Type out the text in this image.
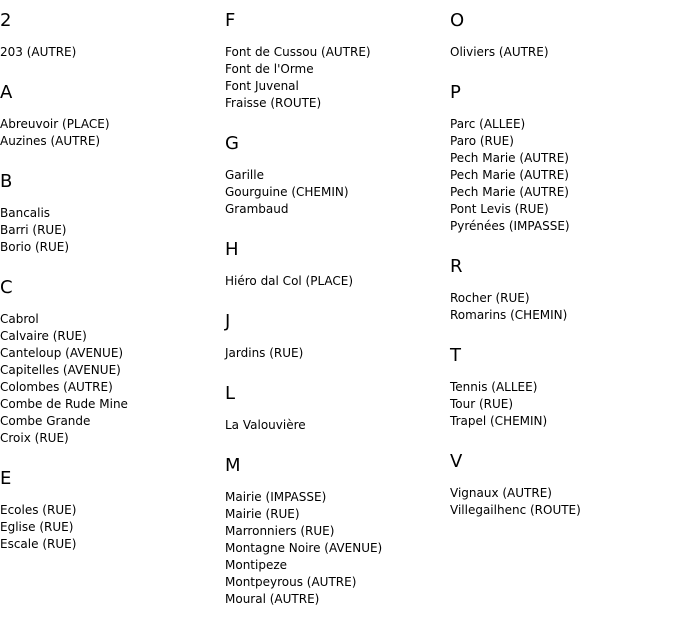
2
203 (AUTRE)
A
Abreuvoir (PLACE)
Auzines (AUTRE)
B
Bancalis
Barri (RUE)
Borio (RUE)
C
Cabrol
Calvaire (RUE)
Canteloup (AVENUE)
Capitelles (AVENUE)
Colombes (AUTRE)
Combe de Rude Mine
Combe Grande
Croix (RUE)
E
Ecoles (RUE)
Eglise (RUE)
Escale (RUE)
F
Font de Cussou (AUTRE)
Font de l'Orme
Font Juvenal
Fraisse (ROUTE)
G
Garille
Gourguine (CHEMIN)
Grambaud
H
Hiéro dal Col (PLACE)
J
Jardins (RUE)
L
La Valouvière
M
Mairie (IMPASSE)
Mairie (RUE)
Marronniers (RUE)
Montagne Noire (AVENUE)
Montipeze
Montpeyrous (AUTRE)
Moural (AUTRE)
O
Oliviers (AUTRE)
P
Parc (ALLEE)
Paro (RUE)
Pech Marie (AUTRE)
Pech Marie (AUTRE)
Pech Marie (AUTRE)
Pont Levis (RUE)
Pyrénées (IMPASSE)
R
Rocher (RUE)
Romarins (CHEMIN)
T
Tennis (ALLEE)
Tour (RUE)
Trapel (CHEMIN)
V
Vignaux (AUTRE)
Villegailhenc (ROUTE)
